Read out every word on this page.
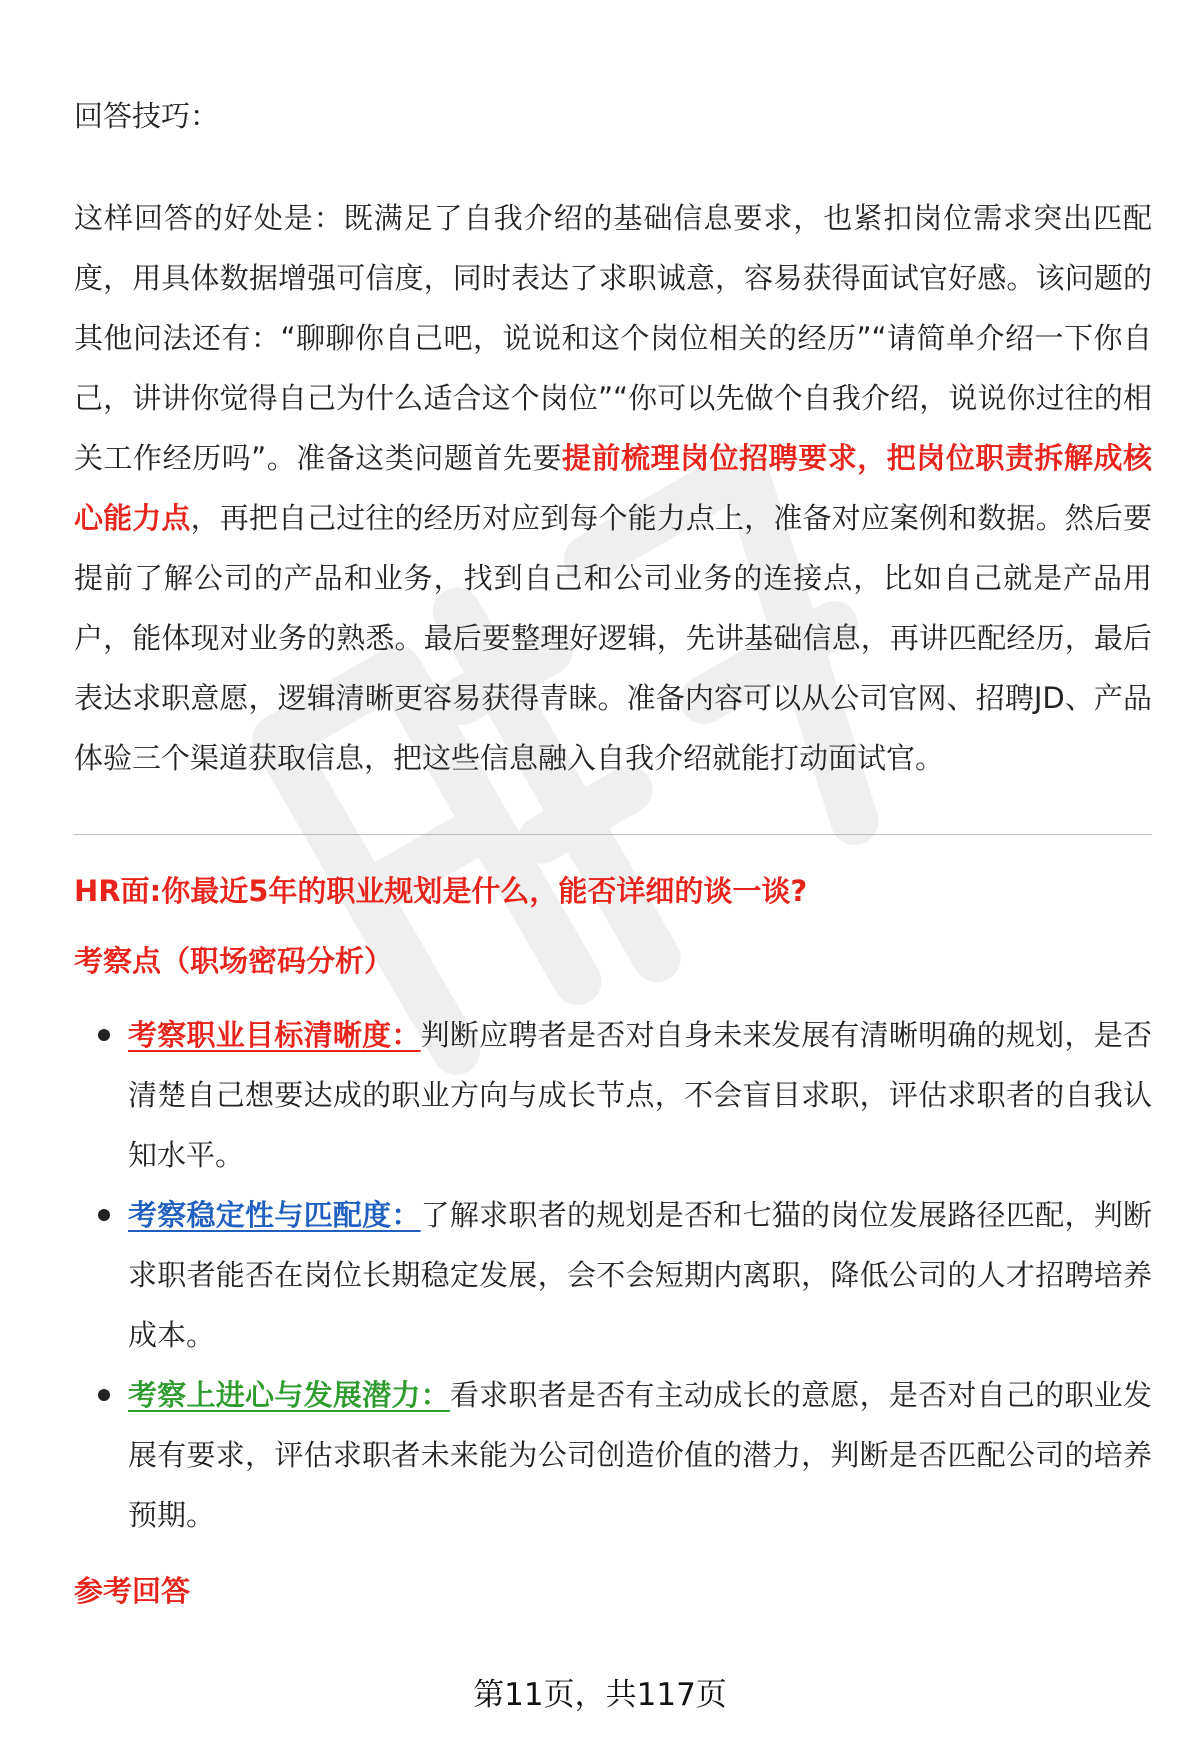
回答技巧：

这样回答的好处是：既满足了自我介绍的基础信息要求，也紧扣岗位需求突出匹配度，用具体数据增强可信度，同时表达了求职诚意，容易获得面试官好感。该问题的其他问法还有：“聊聊你自己吧，说说和这个岗位相关的经历”“请简单介绍一下你自己，讲讲你觉得自己为什么适合这个岗位”“你可以先做个自我介绍，说说你过往的相关工作经历吗”。准备这类问题首先要提前梳理岗位招聘要求，把岗位职责拆解成核心能力点，再把自己过往的经历对应到每个能力点上，准备对应案例和数据。然后要提前了解公司的产品和业务，找到自己和公司业务的连接点，比如自己就是产品用户，能体现对业务的熟悉。最后要整理好逻辑，先讲基础信息，再讲匹配经历，最后表达求职意愿，逻辑清晰更容易获得青睐。准备内容可以从公司官网、招聘JD、产品体验三个渠道获取信息，把这些信息融入自我介绍就能打动面试官。

HR面:你最近5年的职业规划是什么，能否详细的谈一谈?

考察点（职场密码分析）

考察职业目标清晰度：判断应聘者是否对自身未来发展有清晰明确的规划，是否清楚自己想要达成的职业方向与成长节点，不会盲目求职，评估求职者的自我认知水平。
考察稳定性与匹配度：了解求职者的规划是否和七猫的岗位发展路径匹配，判断求职者能否在岗位长期稳定发展，会不会短期内离职，降低公司的人才招聘培养成本。
考察上进心与发展潜力：看求职者是否有主动成长的意愿，是否对自己的职业发展有要求，评估求职者未来能为公司创造价值的潜力，判断是否匹配公司的培养预期。

参考回答

第11页，共117页
